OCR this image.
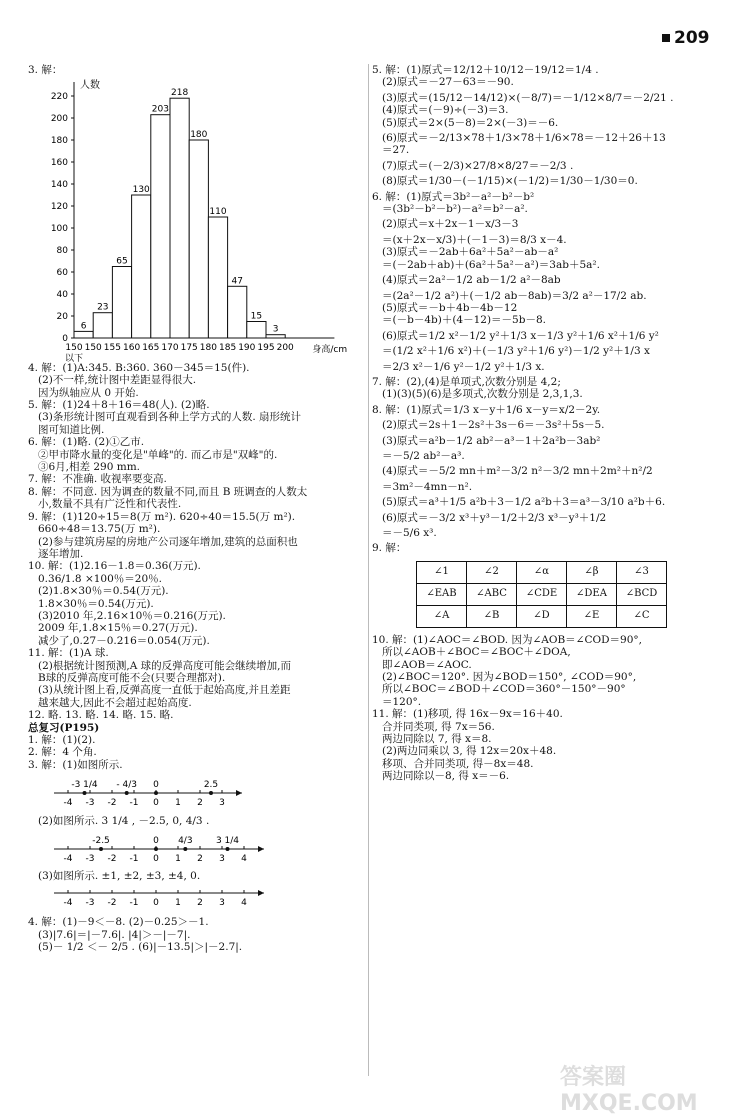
209

3. 解：

人数
身高/cm
0
20
40
60
80
100
120
140
160
180
200
220
6
23
65
130
203
218
180
110
47
15
3
150 150 155 160 165 170 175 180 185 190 195 200
以下

4. 解：(1)A:345. B:360. 360－345＝15(件).

(2)不一样,统计图中差距显得很大.

因为纵轴应从 0 开始.

5. 解：(1)24＋8＋16＝48(人). (2)略.

(3)条形统计图可直观看到各种上学方式的人数. 扇形统计

图可知道比例.

6. 解：(1)略. (2)①乙市.

②甲市降水量的变化是"单峰"的. 而乙市是"双峰"的.

③6月,相差 290 mm.

7. 解：不准确. 收视率要变高.

8. 解：不同意. 因为调查的数量不同,而且 B 班调查的人数太

小,数量不具有广泛性和代表性.

9. 解：(1)120÷15＝8(万 m²). 620÷40＝15.5(万 m²).

660÷48＝13.75(万 m²).

(2)参与建筑房屋的房地产公司逐年增加,建筑的总面积也

逐年增加.

10. 解：(1)2.16－1.8＝0.36(万元).

0.36/1.8 ×100％＝20％.

(2)1.8×30％＝0.54(万元).

1.8×30％＝0.54(万元).

(3)2010 年,2.16×10％＝0.216(万元).

2009 年,1.8×15％＝0.27(万元).

减少了,0.27－0.216＝0.054(万元).

11. 解：(1)A 球.

(2)根据统计图预测,A 球的反弹高度可能会继续增加,而

B球的反弹高度可能不会(只要合理都对).

(3)从统计图上看,反弹高度一直低于起始高度,并且差距

越来越大,因此不会超过起始高度.

12. 略. 13. 略. 14. 略. 15. 略.

总复习(P195)

1. 解：(1)(2).

2. 解：4 个角.

3. 解：(1)如图所示.

-4 -3 -2 -1 0 1 2 3
-3 1/4 - 4/3 0	2.5

(2)如图所示. 3 1/4 , －2.5, 0, 4/3 .

-4 -3 -2 -1 0 1 2 3 4
-2.5	0 4/3	3 1/4

(3)如图所示. ±1, ±2, ±3, ±4, 0.

-4 -3 -2 -1 0 1 2 3 4

4. 解：(1)－9＜－8. (2)－0.25＞－1.

(3)|7.6|＝|－7.6|. |4|＞－|－7|.

(5)－ 1/2 ＜－ 2/5 . (6)|－13.5|＞|－2.7|.

5. 解：(1)原式＝12/12＋10/12－19/12＝1/4 .

(2)原式＝－27－63＝－90.

(3)原式＝(15/12－14/12)×(－8/7)＝－1/12×8/7＝－2/21 .

(4)原式＝(－9)÷(－3)＝3.

(5)原式＝2×(5－8)＝2×(－3)＝－6.

(6)原式＝－2/13×78＋1/3×78＋1/6×78＝－12＋26＋13

＝27.

(7)原式＝(－2/3)×27/8×8/27＝－2/3 .

(8)原式＝1/30－(－1/15)×(－1/2)＝1/30－1/30＝0.

6. 解：(1)原式＝3b²－a²－b²－b²

＝(3b²－b²－b²)－a²＝b²－a².

(2)原式＝x＋2x－1－x/3－3

＝(x＋2x－x/3)＋(－1－3)＝8/3 x－4.

(3)原式＝－2ab＋6a²＋5a²－ab－a²

＝(－2ab＋ab)＋(6a²＋5a²－a²)＝3ab＋5a².

(4)原式＝2a²－1/2 ab－1/2 a²－8ab

＝(2a²－1/2 a²)＋(－1/2 ab－8ab)＝3/2 a²－17/2 ab.

(5)原式＝－b＋4b－4b－12

＝(－b－4b)＋(4－12)＝－5b－8.

(6)原式＝1/2 x²－1/2 y²＋1/3 x－1/3 y²＋1/6 x²＋1/6 y²

＝(1/2 x²＋1/6 x²)＋(－1/3 y²＋1/6 y²)－1/2 y²＋1/3 x

＝2/3 x²－1/6 y²－1/2 y²＋1/3 x.

7. 解：(2),(4)是单项式,次数分别是 4,2;

(1)(3)(5)(6)是多项式,次数分别是 2,3,1,3.

8. 解：(1)原式＝1/3 x－y＋1/6 x－y＝x/2－2y.

(2)原式＝2s＋1－2s²＋3s－6＝－3s²＋5s－5.

(3)原式＝a²b－1/2 ab²－a³－1＋2a²b－3ab²

＝－5/2 ab²－a³.

(4)原式＝－5/2 mn＋m²－3/2 n²－3/2 mn＋2m²＋n²/2

＝3m²－4mn－n².

(5)原式＝a³＋1/5 a²b＋3－1/2 a²b＋3＝a³－3/10 a²b＋6.

(6)原式＝－3/2 x³＋y³－1/2＋2/3 x³－y³＋1/2

＝－5/6 x³.

9. 解：

∠1	∠2	∠α	∠β	∠3
∠EAB	∠ABC	∠CDE	∠DEA	∠BCD
∠A	∠B	∠D	∠E	∠C

10. 解：(1)∠AOC＝∠BOD. 因为∠AOB＝∠COD＝90°,

所以∠AOB＋∠BOC＝∠BOC＋∠DOA,

即∠AOB＝∠AOC.

(2)∠BOC＝120°. 因为∠BOD＝150°, ∠COD＝90°,

所以∠BOC＝∠BOD＋∠COD＝360°－150°－90°

＝120°.

11. 解：(1)移项, 得 16x－9x＝16＋40.

合并同类项, 得 7x＝56.

两边同除以 7, 得 x＝8.

(2)两边同乘以 3, 得 12x＝20x＋48.

移项、合并同类项, 得－8x＝48.

两边同除以－8, 得 x＝－6.

答案圈 MXQE.COM
